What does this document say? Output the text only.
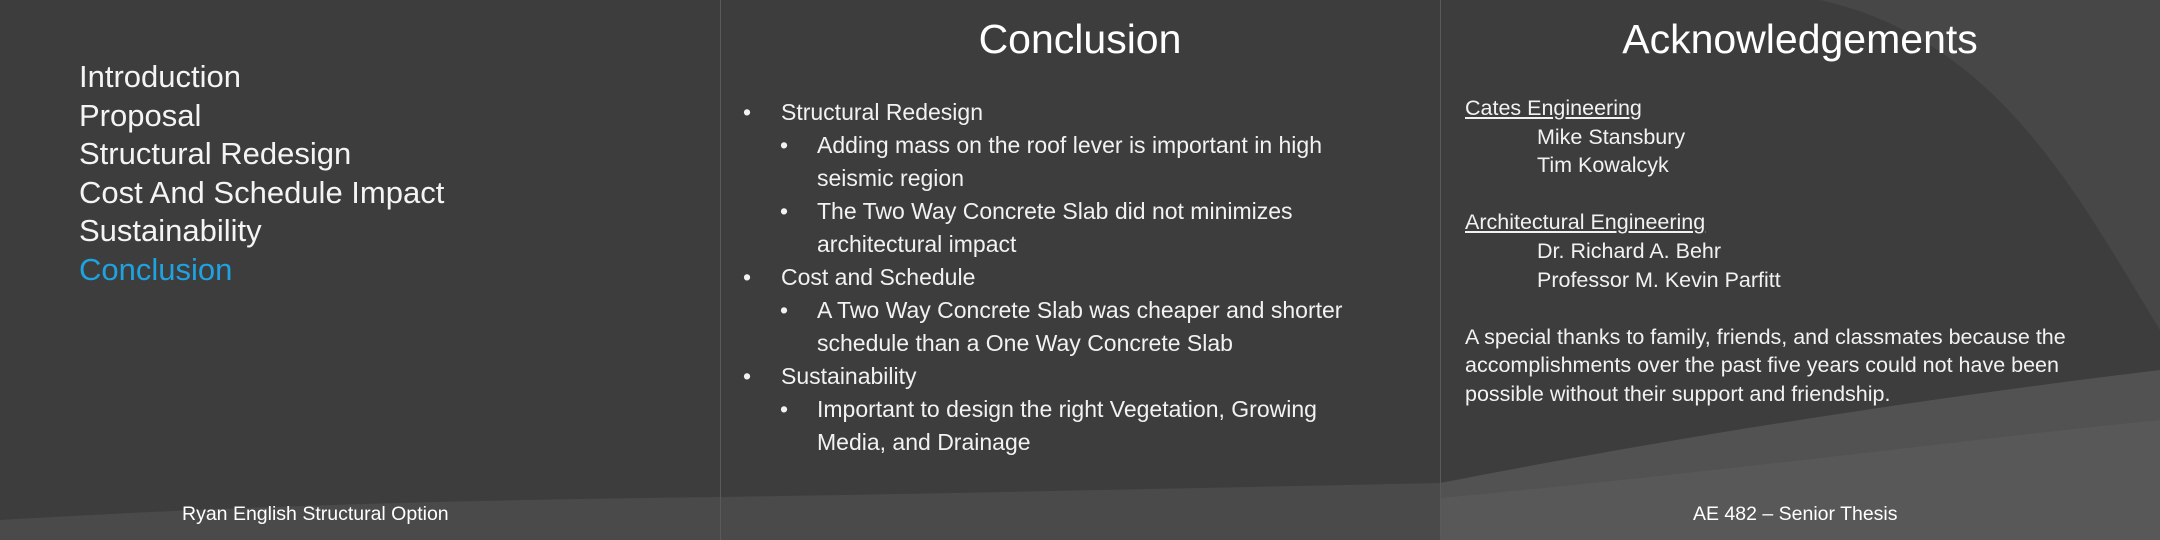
Introduction
Proposal
Structural Redesign
Cost And Schedule Impact
Sustainability
Conclusion
Ryan English Structural Option
Conclusion
• Structural Redesign
• Adding mass on the roof lever is important in high seismic region
• The Two Way Concrete Slab did not minimizes architectural impact
• Cost and Schedule
• A Two Way Concrete Slab was cheaper and shorter schedule than a One Way Concrete Slab
• Sustainability
• Important to design the right Vegetation, Growing Media, and Drainage
Acknowledgements
Cates Engineering
Mike Stansbury
Tim Kowalcyk
Architectural Engineering
Dr. Richard A. Behr
Professor M. Kevin Parfitt
A special thanks to family, friends, and classmates because the accomplishments over the past five years could not have been possible without their support and friendship.
AE 482 – Senior Thesis
